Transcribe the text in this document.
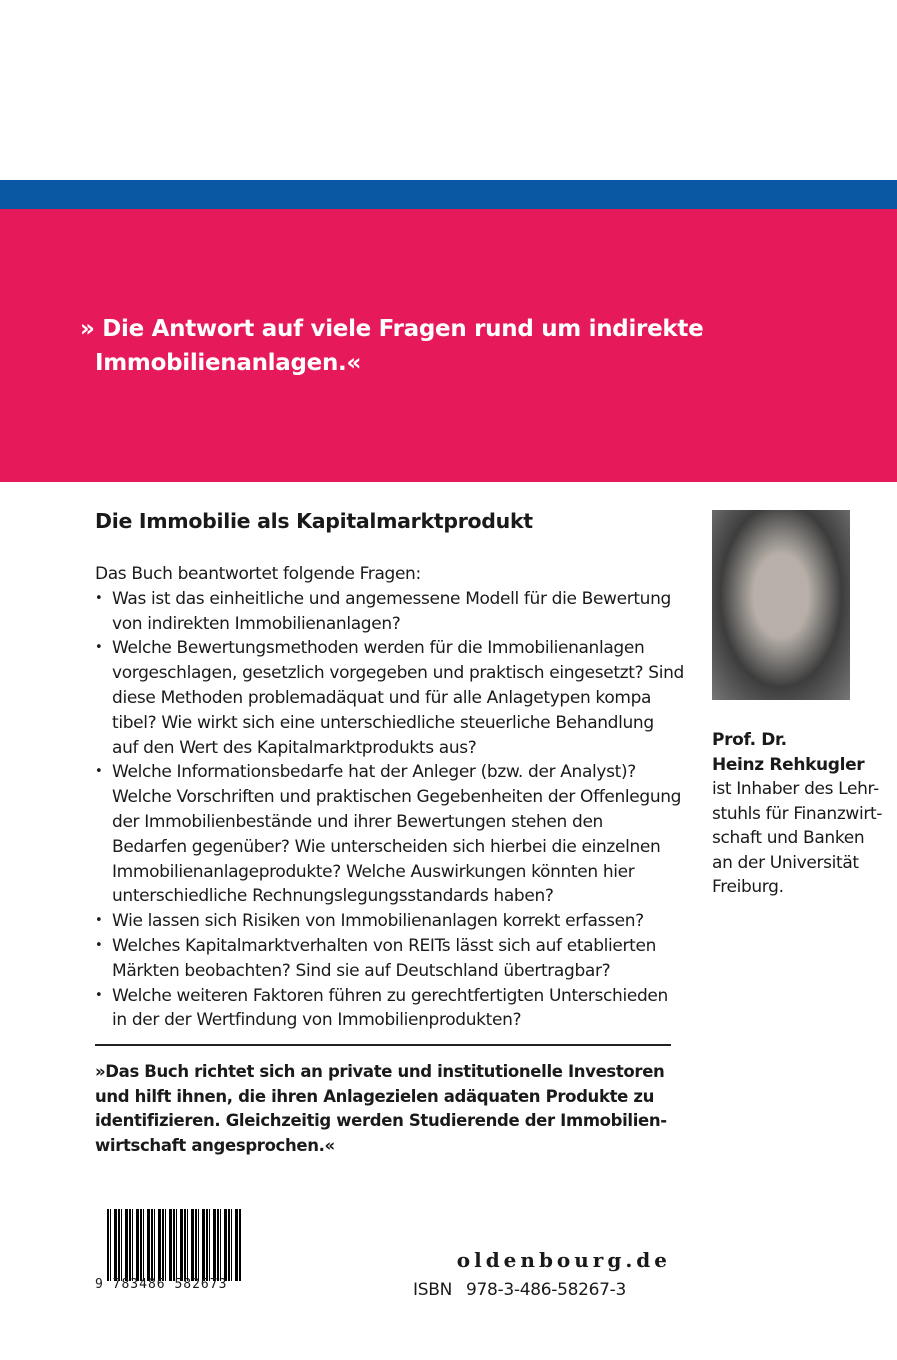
» Die Antwort auf viele Fragen rund um indirekte
Immobilienanlagen.«
Die Immobilie als Kapitalmarktprodukt
Das Buch beantwortet folgende Fragen:
• Was ist das einheitliche und angemessene Modell für die Bewertung
von indirekten Immobilienanlagen?
• Welche Bewertungsmethoden werden für die Immobilienanlagen
vorgeschlagen, gesetzlich vorgegeben und praktisch eingesetzt? Sind
diese Methoden problemadäquat und für alle Anlagetypen kompa
tibel? Wie wirkt sich eine unterschiedliche steuerliche Behandlung
auf den Wert des Kapitalmarktprodukts aus?
• Welche Informationsbedarfe hat der Anleger (bzw. der Analyst)?
Welche Vorschriften und praktischen Gegebenheiten der Offenlegung
der Immobilienbestände und ihrer Bewertungen stehen den
Bedarfen gegenüber? Wie unterscheiden sich hierbei die einzelnen
Immobilienanlageprodukte? Welche Auswirkungen könnten hier
unterschiedliche Rechnungslegungsstandards haben?
• Wie lassen sich Risiken von Immobilienanlagen korrekt erfassen?
• Welches Kapitalmarktverhalten von REITs lässt sich auf etablierten
Märkten beobachten? Sind sie auf Deutschland übertragbar?
• Welche weiteren Faktoren führen zu gerechtfertigten Unterschieden
in der der Wertfindung von Immobilienprodukten?
Prof. Dr.
Heinz Rehkugler
ist Inhaber des Lehr-
stuhls für Finanzwirt-
schaft und Banken
an der Universität
Freiburg.
»Das Buch richtet sich an private und institutionelle Investoren
und hilft ihnen, die ihren Anlagezielen adäquaten Produkte zu
identifizieren. Gleichzeitig werden Studierende der Immobilien-
wirtschaft angesprochen.«
9 783486 582673
oldenbourg.de
ISBN 978-3-486-58267-3
